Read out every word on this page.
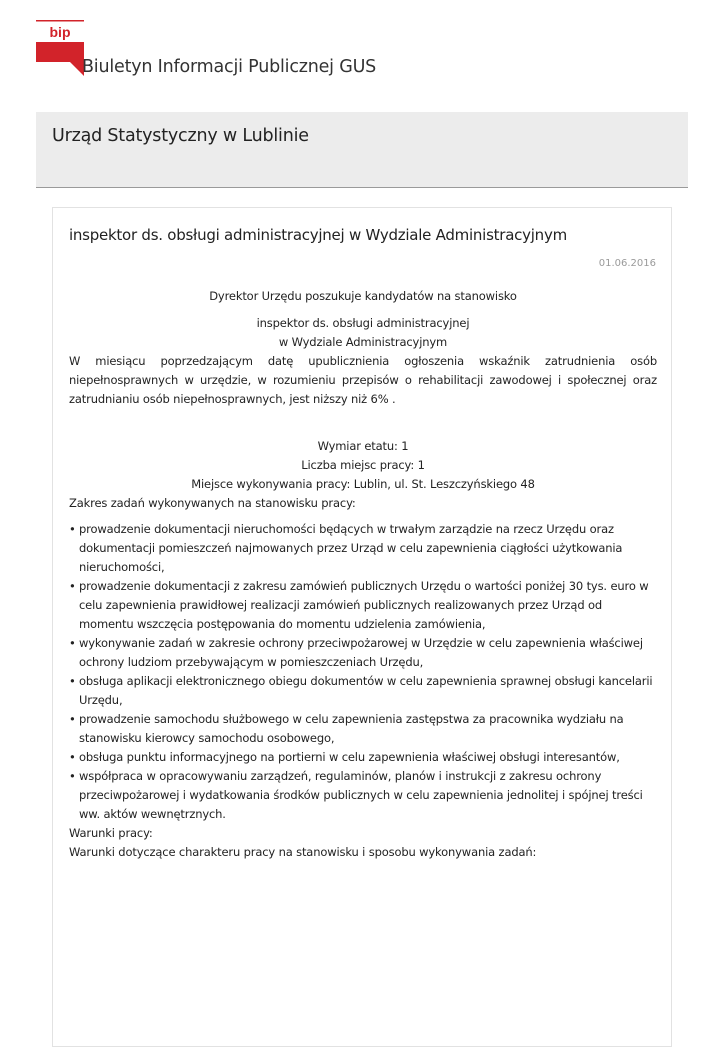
bip
Biuletyn Informacji Publicznej GUS
Urząd Statystyczny w Lublinie
inspektor ds. obsługi administracyjnej w Wydziale Administracyjnym
01.06.2016

Dyrektor Urzędu poszukuje kandydatów na stanowisko

inspektor ds. obsługi administracyjnej

w Wydziale Administracyjnym

W miesiącu poprzedzającym datę upublicznienia ogłoszenia wskaźnik zatrudnienia osób niepełnosprawnych w urzędzie, w rozumieniu przepisów o rehabilitacji zawodowej i społecznej oraz zatrudnianiu osób niepełnosprawnych, jest niższy niż 6% .

Wymiar etatu: 1

Liczba miejsc pracy: 1

Miejsce wykonywania pracy: Lublin, ul. St. Leszczyńskiego 48

Zakres zadań wykonywanych na stanowisku pracy:

• prowadzenie dokumentacji nieruchomości będących w trwałym zarządzie na rzecz Urzędu oraz dokumentacji pomieszczeń najmowanych przez Urząd w celu zapewnienia ciągłości użytkowania nieruchomości,
• prowadzenie dokumentacji z zakresu zamówień publicznych Urzędu o wartości poniżej 30 tys. euro w celu zapewnienia prawidłowej realizacji zamówień publicznych realizowanych przez Urząd od momentu wszczęcia postępowania do momentu udzielenia zamówienia,
• wykonywanie zadań w zakresie ochrony przeciwpożarowej w Urzędzie w celu zapewnienia właściwej ochrony ludziom przebywającym w pomieszczeniach Urzędu,
• obsługa aplikacji elektronicznego obiegu dokumentów w celu zapewnienia sprawnej obsługi kancelarii Urzędu,
• prowadzenie samochodu służbowego w celu zapewnienia zastępstwa za pracownika wydziału na stanowisku kierowcy samochodu osobowego,
• obsługa punktu informacyjnego na portierni w celu zapewnienia właściwej obsługi interesantów,
• współpraca w opracowywaniu zarządzeń, regulaminów, planów i instrukcji z zakresu ochrony przeciwpożarowej i wydatkowania środków publicznych w celu zapewnienia jednolitej i spójnej treści ww. aktów wewnętrznych.

Warunki pracy:

Warunki dotyczące charakteru pracy na stanowisku i sposobu wykonywania zadań:
